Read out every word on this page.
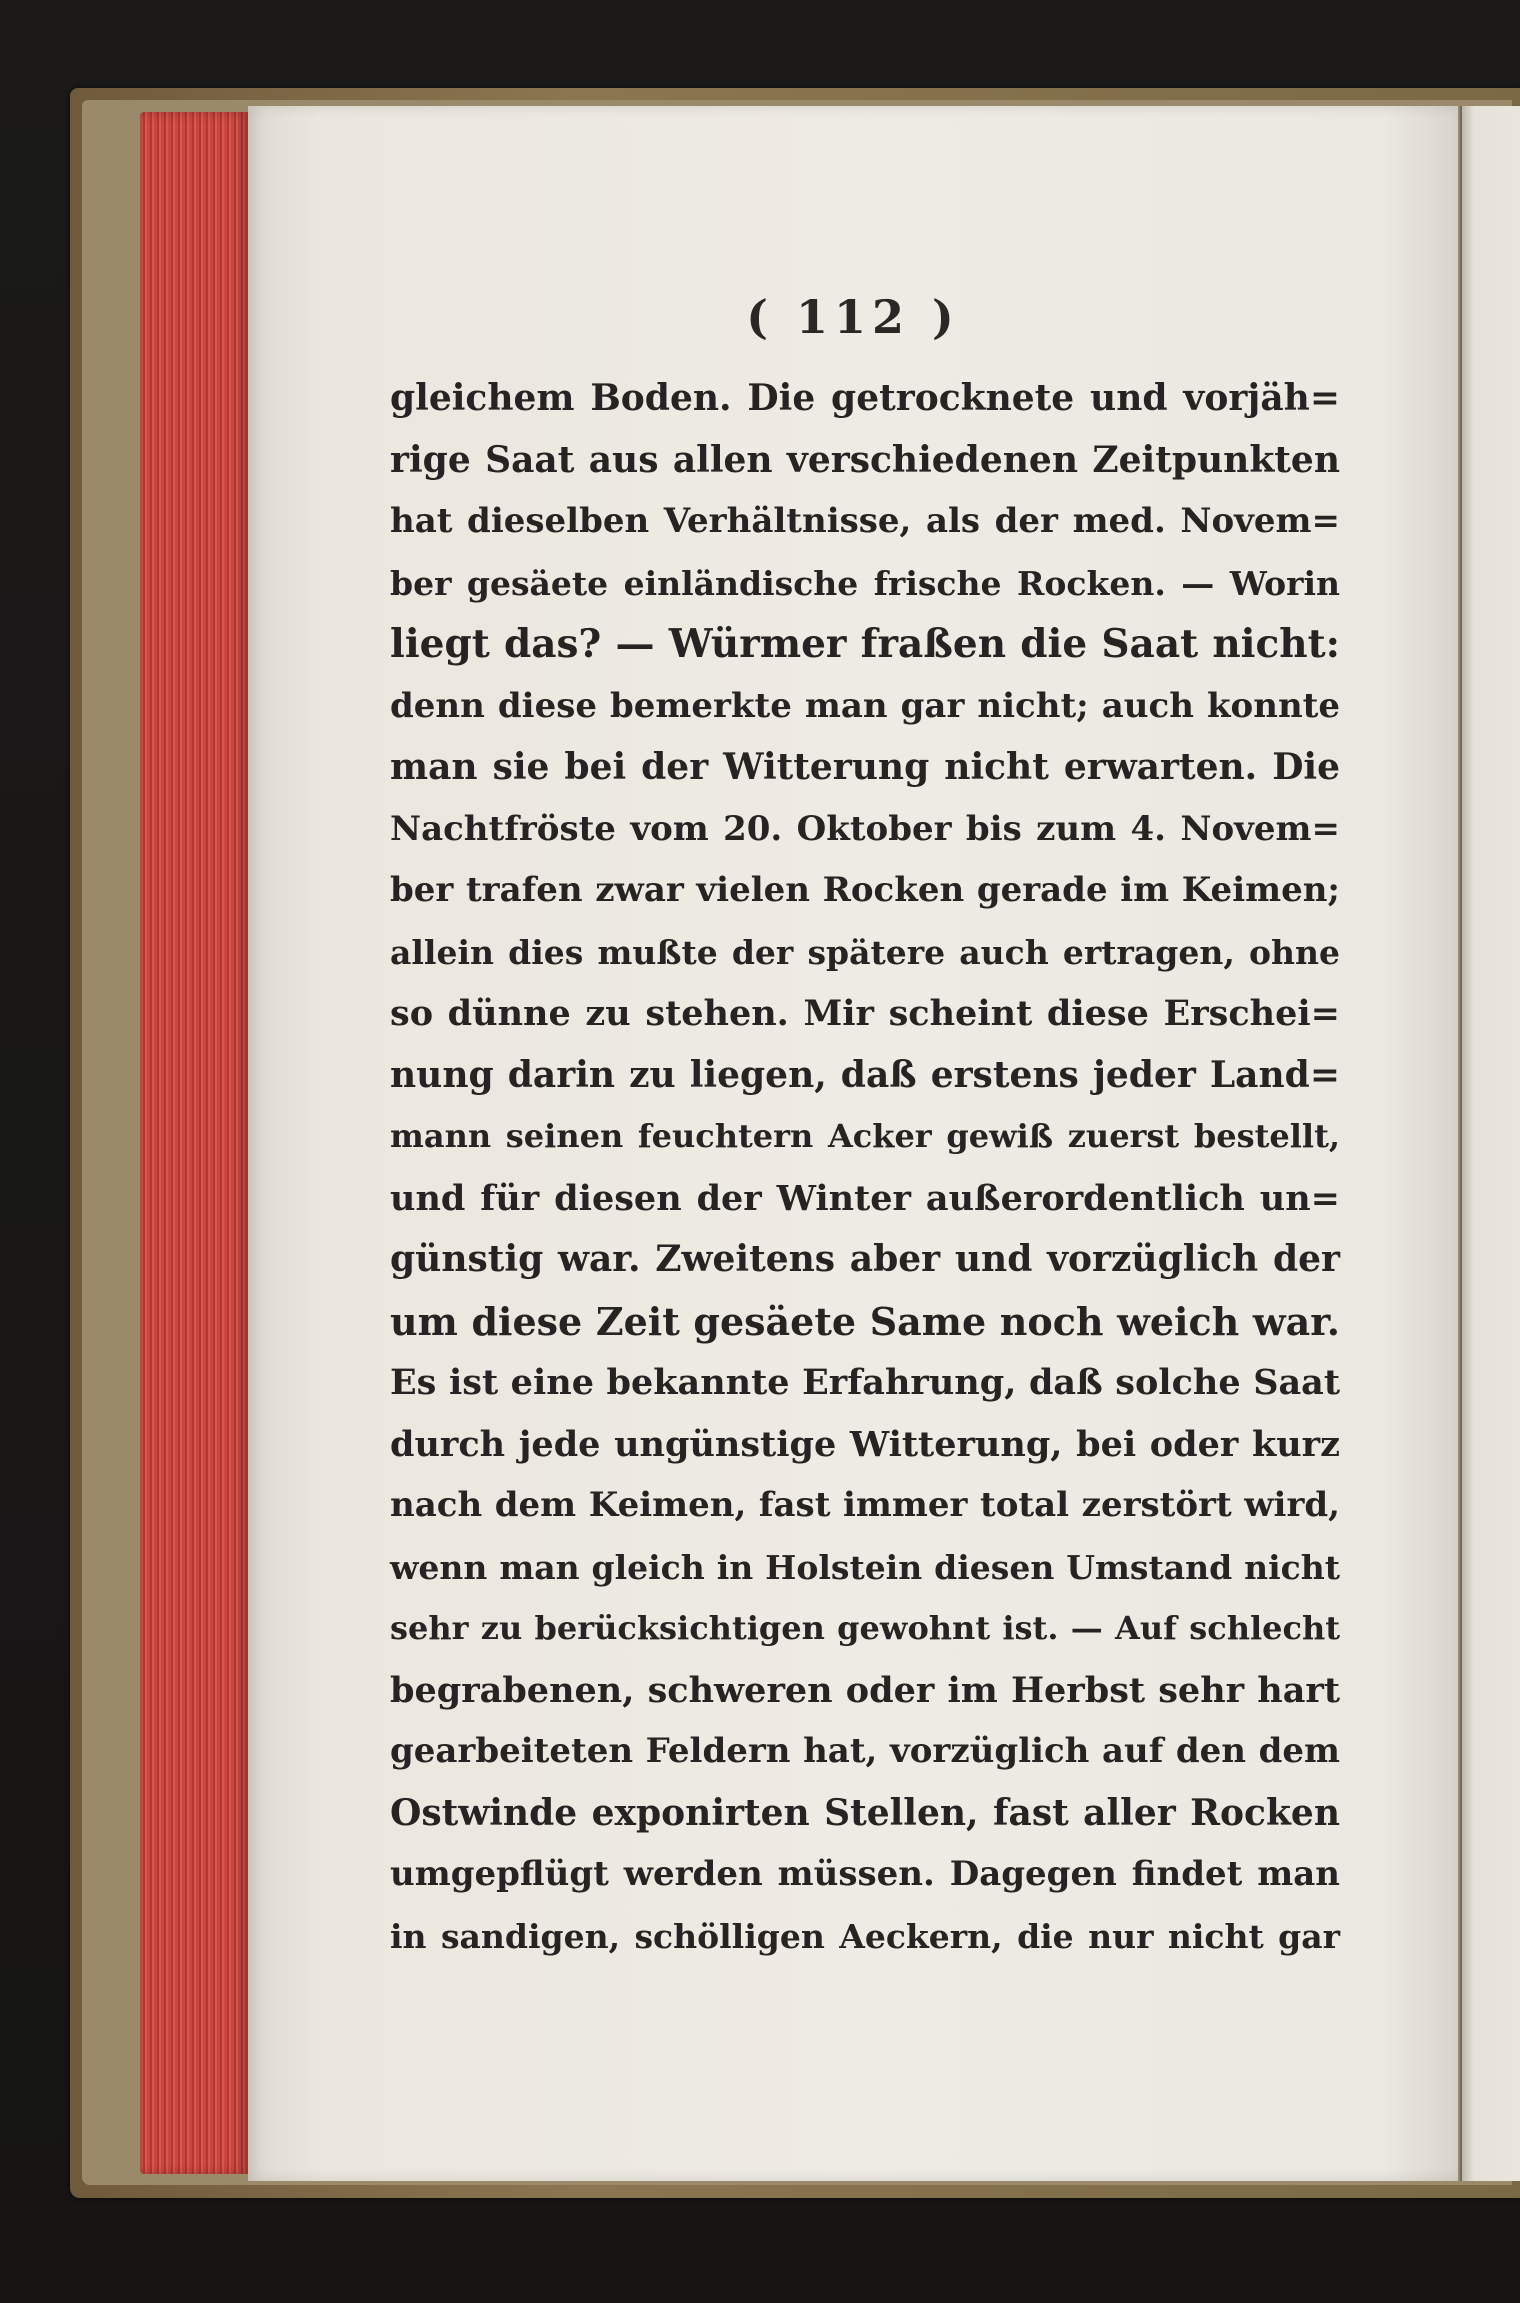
( 112 )

gleichem Boden. Die getrocknete und vorjäh=
rige Saat aus allen verschiedenen Zeitpunkten
hat dieselben Verhältnisse, als der med. Novem=
ber gesäete einländische frische Rocken. — Worin
liegt das? — Würmer fraßen die Saat nicht:
denn diese bemerkte man gar nicht; auch konnte
man sie bei der Witterung nicht erwarten. Die
Nachtfröste vom 20. Oktober bis zum 4. Novem=
ber trafen zwar vielen Rocken gerade im Keimen;
allein dies mußte der spätere auch ertragen, ohne
so dünne zu stehen. Mir scheint diese Erschei=
nung darin zu liegen, daß erstens jeder Land=
mann seinen feuchtern Acker gewiß zuerst bestellt,
und für diesen der Winter außerordentlich un=
günstig war. Zweitens aber und vorzüglich der
um diese Zeit gesäete Same noch weich war.
Es ist eine bekannte Erfahrung, daß solche Saat
durch jede ungünstige Witterung, bei oder kurz
nach dem Keimen, fast immer total zerstört wird,
wenn man gleich in Holstein diesen Umstand nicht
sehr zu berücksichtigen gewohnt ist. — Auf schlecht
begrabenen, schweren oder im Herbst sehr hart
gearbeiteten Feldern hat, vorzüglich auf den dem
Ostwinde exponirten Stellen, fast aller Rocken
umgepflügt werden müssen. Dagegen findet man
in sandigen, schölligen Aeckern, die nur nicht gar
